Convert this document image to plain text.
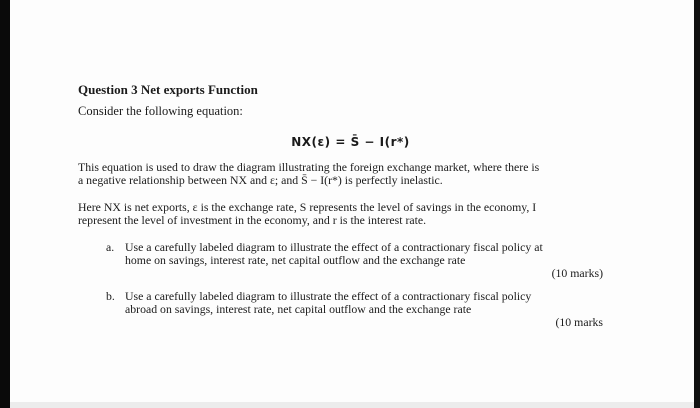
Question 3 Net exports Function

Consider the following equation:

NX(ε) = S̄ − I(r*)

This equation is used to draw the diagram illustrating the foreign exchange market, where there is
a negative relationship between NX and ε; and S̄ − I(r*) is perfectly inelastic.

Here NX is net exports, ε is the exchange rate, S represents the level of savings in the economy, I
represent the level of investment in the economy, and r is the interest rate.

a. Use a carefully labeled diagram to illustrate the effect of a contractionary fiscal policy at
home on savings, interest rate, net capital outflow and the exchange rate
(10 marks)
b. Use a carefully labeled diagram to illustrate the effect of a contractionary fiscal policy
abroad on savings, interest rate, net capital outflow and the exchange rate
(10 marks
